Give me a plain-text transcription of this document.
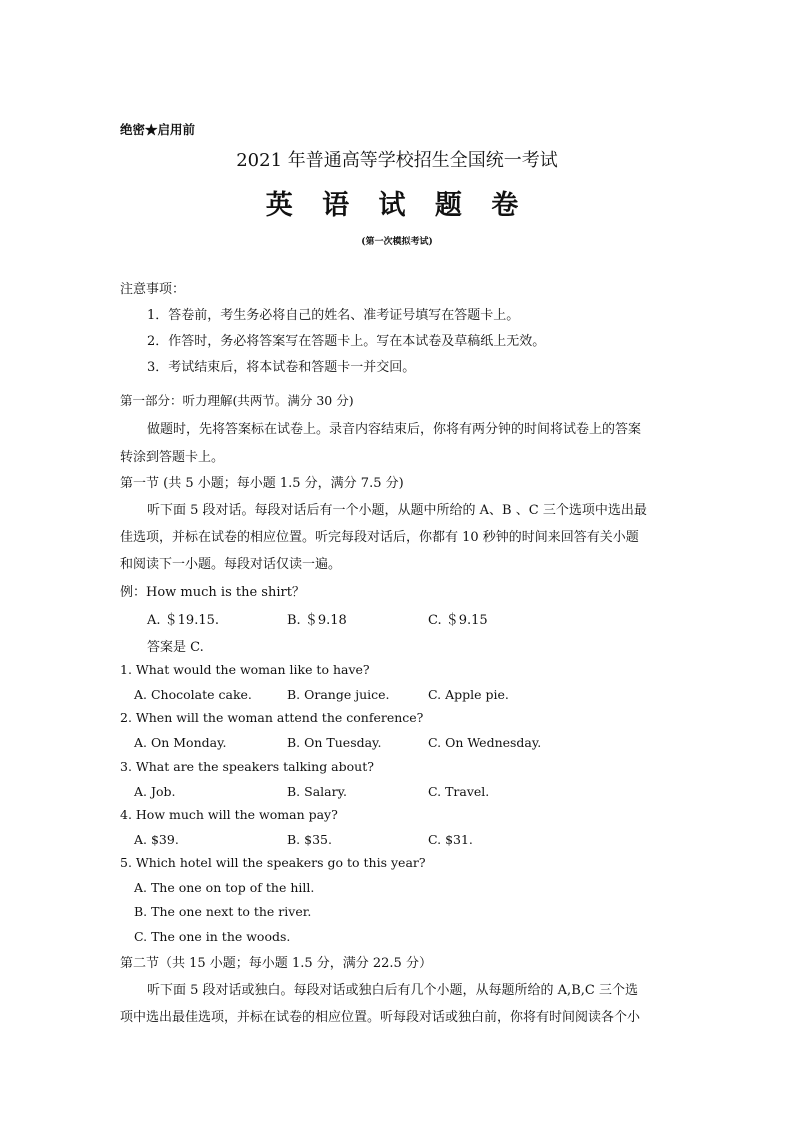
绝密★启用前
2021 年普通高等学校招生全国统一考试
英 语 试 题 卷
(第一次模拟考试)
注意事项：
1．答卷前，考生务必将自己的姓名、准考证号填写在答题卡上。
2．作答时，务必将答案写在答题卡上。写在本试卷及草稿纸上无效。
3．考试结束后，将本试卷和答题卡一并交回。
第一部分：听力理解(共两节。满分 30 分)
做题时，先将答案标在试卷上。录音内容结束后，你将有两分钟的时间将试卷上的答案
转涂到答题卡上。
第一节 (共 5 小题；每小题 1.5 分，满分 7.5 分)
听下面 5 段对话。每段对话后有一个小题，从题中所给的 A、B 、C 三个选项中选出最
佳选项，并标在试卷的相应位置。听完每段对话后，你都有 10 秒钟的时间来回答有关小题
和阅读下一小题。每段对话仅读一遍。
例：How much is the shirt？
A. ＄19.15.	B. ＄9.18	C. ＄9.15
答案是 C.
1. What would the woman like to have?
A. Chocolate cake.	B. Orange juice.	C. Apple pie.
2. When will the woman attend the conference?
A. On Monday.	B. On Tuesday.	C. On Wednesday.
3. What are the speakers talking about?
A. Job.	B. Salary.	C. Travel.
4. How much will the woman pay?
A. $39.	B. $35.	C. $31.
5. Which hotel will the speakers go to this year?
A. The one on top of the hill.
B. The one next to the river.
C. The one in the woods.
第二节（共 15 小题；每小题 1.5 分，满分 22.5 分）
听下面 5 段对话或独白。每段对话或独白后有几个小题，从每题所给的 A,B,C 三个选
项中选出最佳选项，并标在试卷的相应位置。听每段对话或独白前，你将有时间阅读各个小
